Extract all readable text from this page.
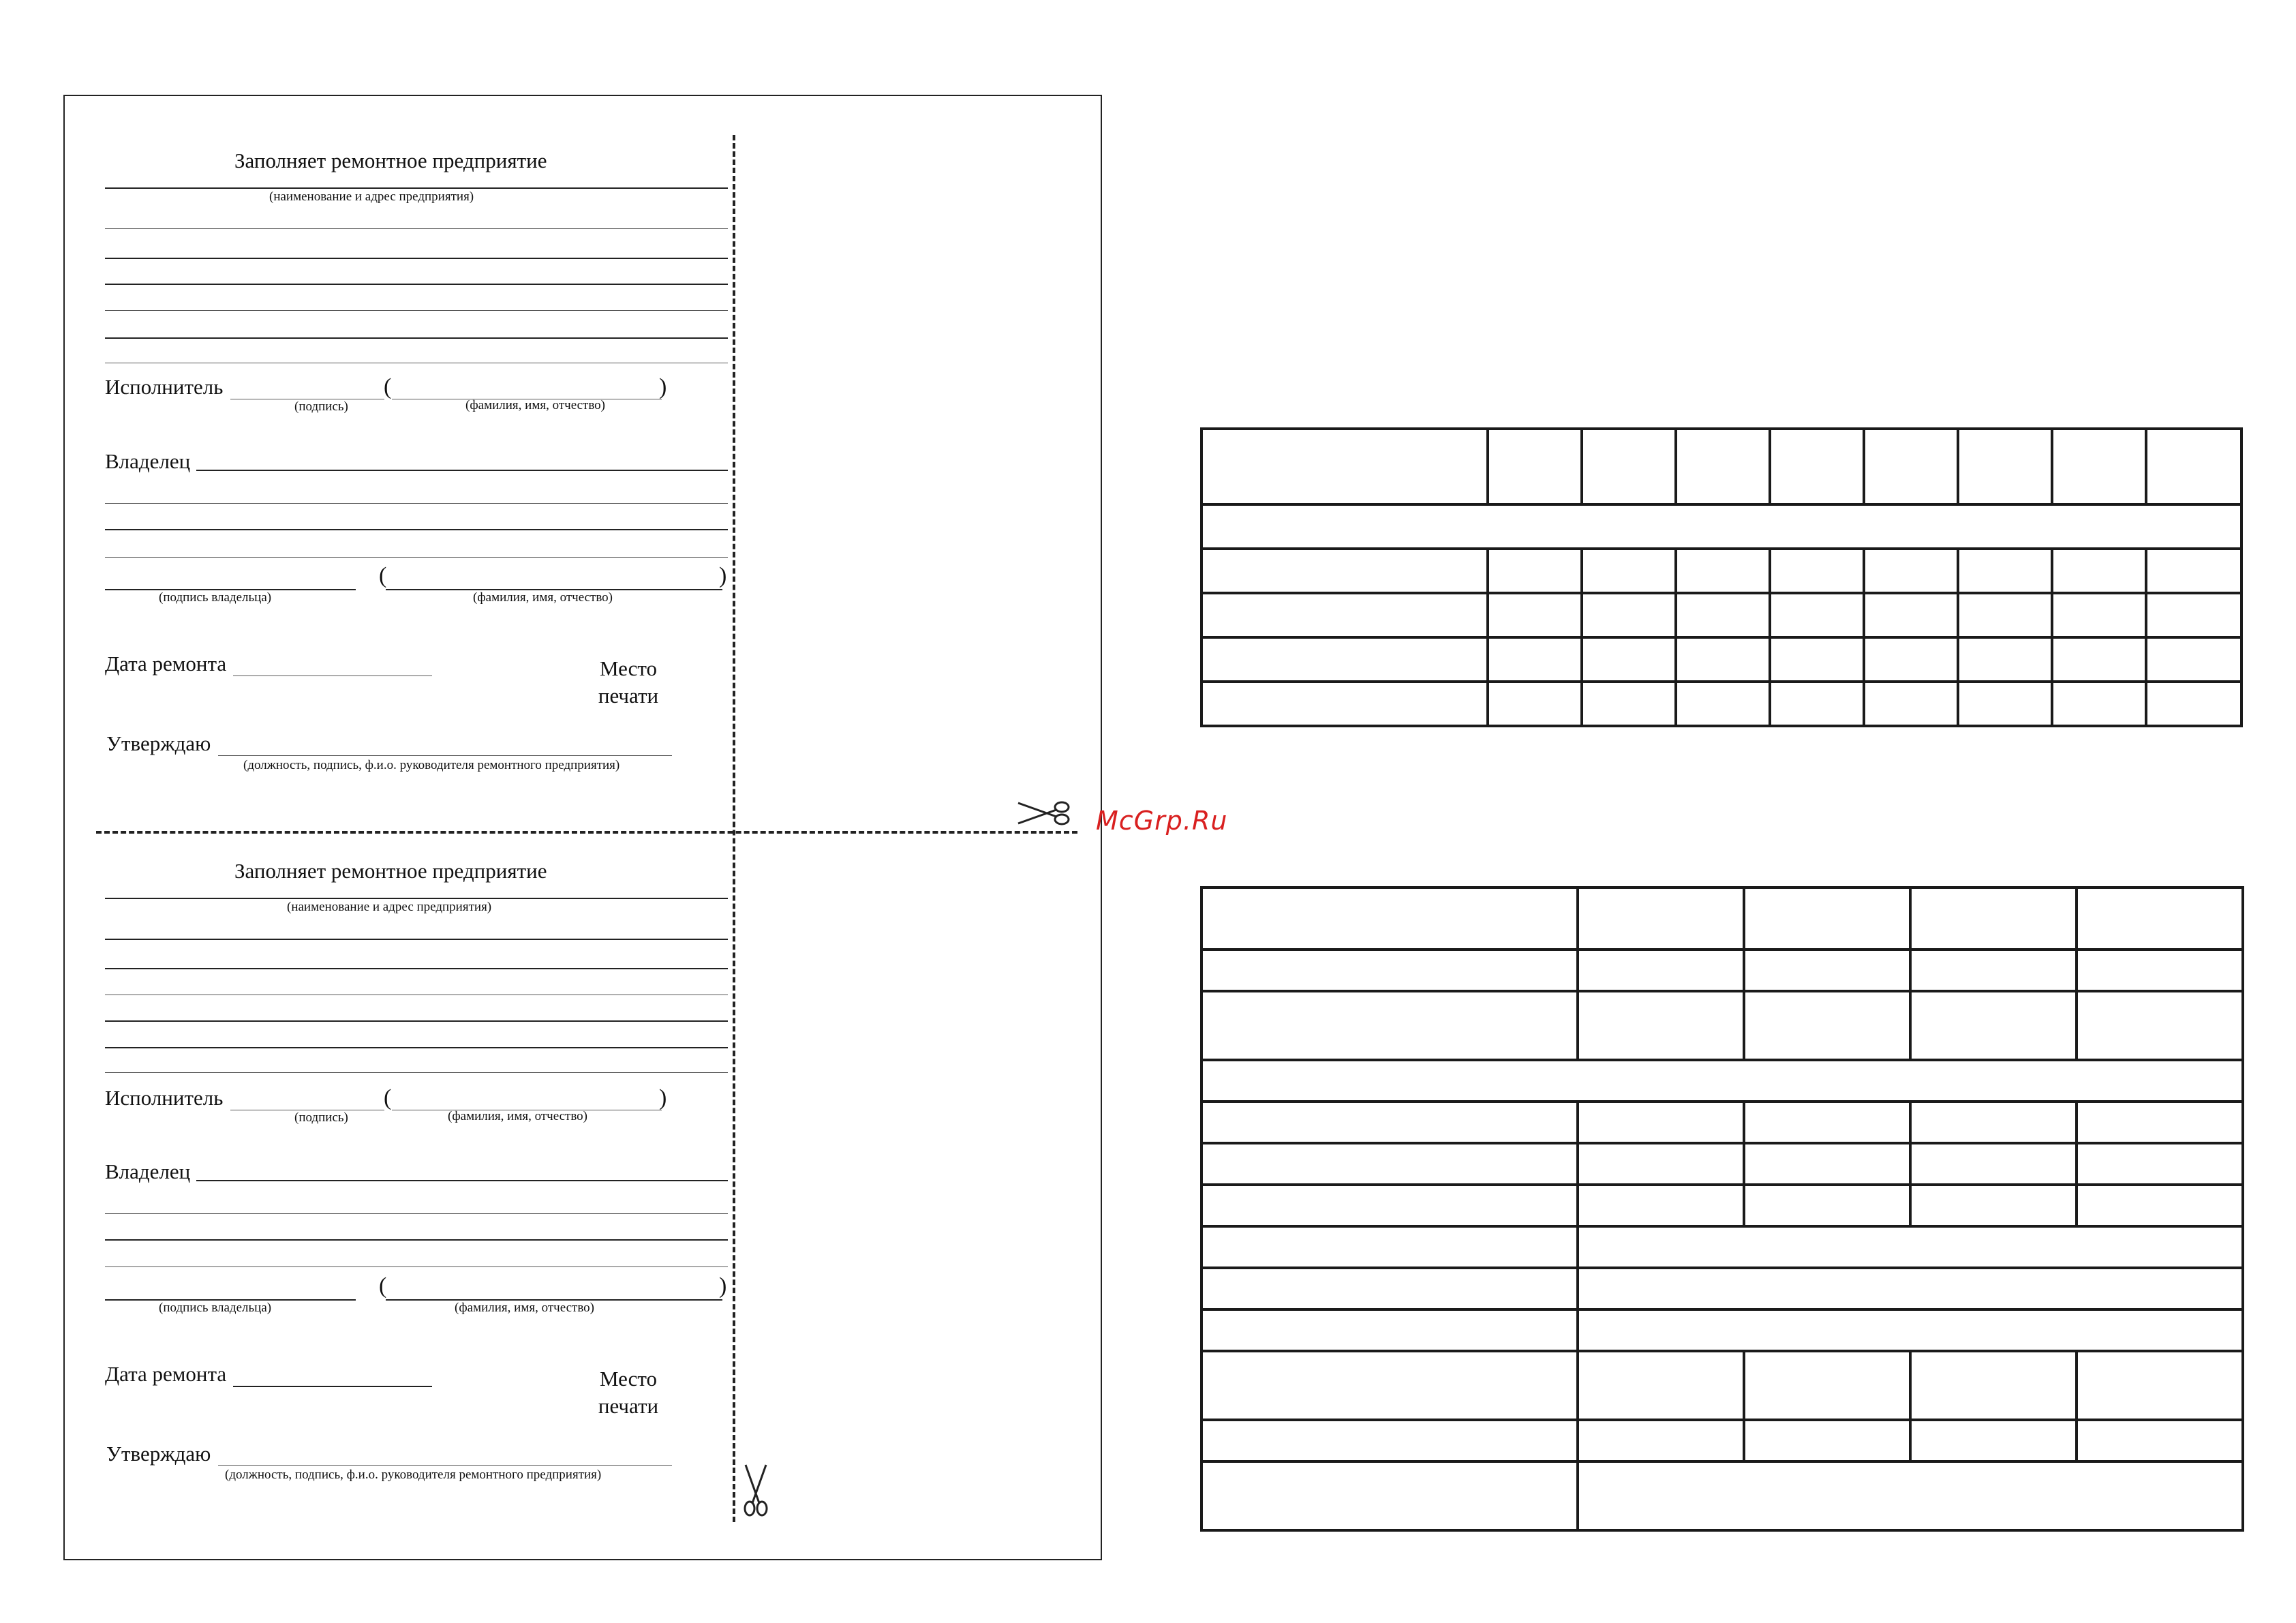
Заполняет ремонтное предприятие
(наименование и адрес предприятия)
Исполнитель
(подпись)
(	)
(фамилия, имя, отчество)
Владелец
(подпись владельца)
(	)
(фамилия, имя, отчество)
Дата ремонта	Место
печати
Утверждаю
(должность, подпись, ф.и.о. руководителя ремонтного предприятия)
Заполняет ремонтное предприятие
(наименование и адрес предприятия)
Исполнитель
(подпись)
(	)
(фамилия, имя, отчество)
Владелец
(подпись владельца)
(	)
(фамилия, имя, отчество)
Дата ремонта	Место
печати
Утверждаю
(должность, подпись, ф.и.о. руководителя ремонтного предприятия)
McGrp.Ru
